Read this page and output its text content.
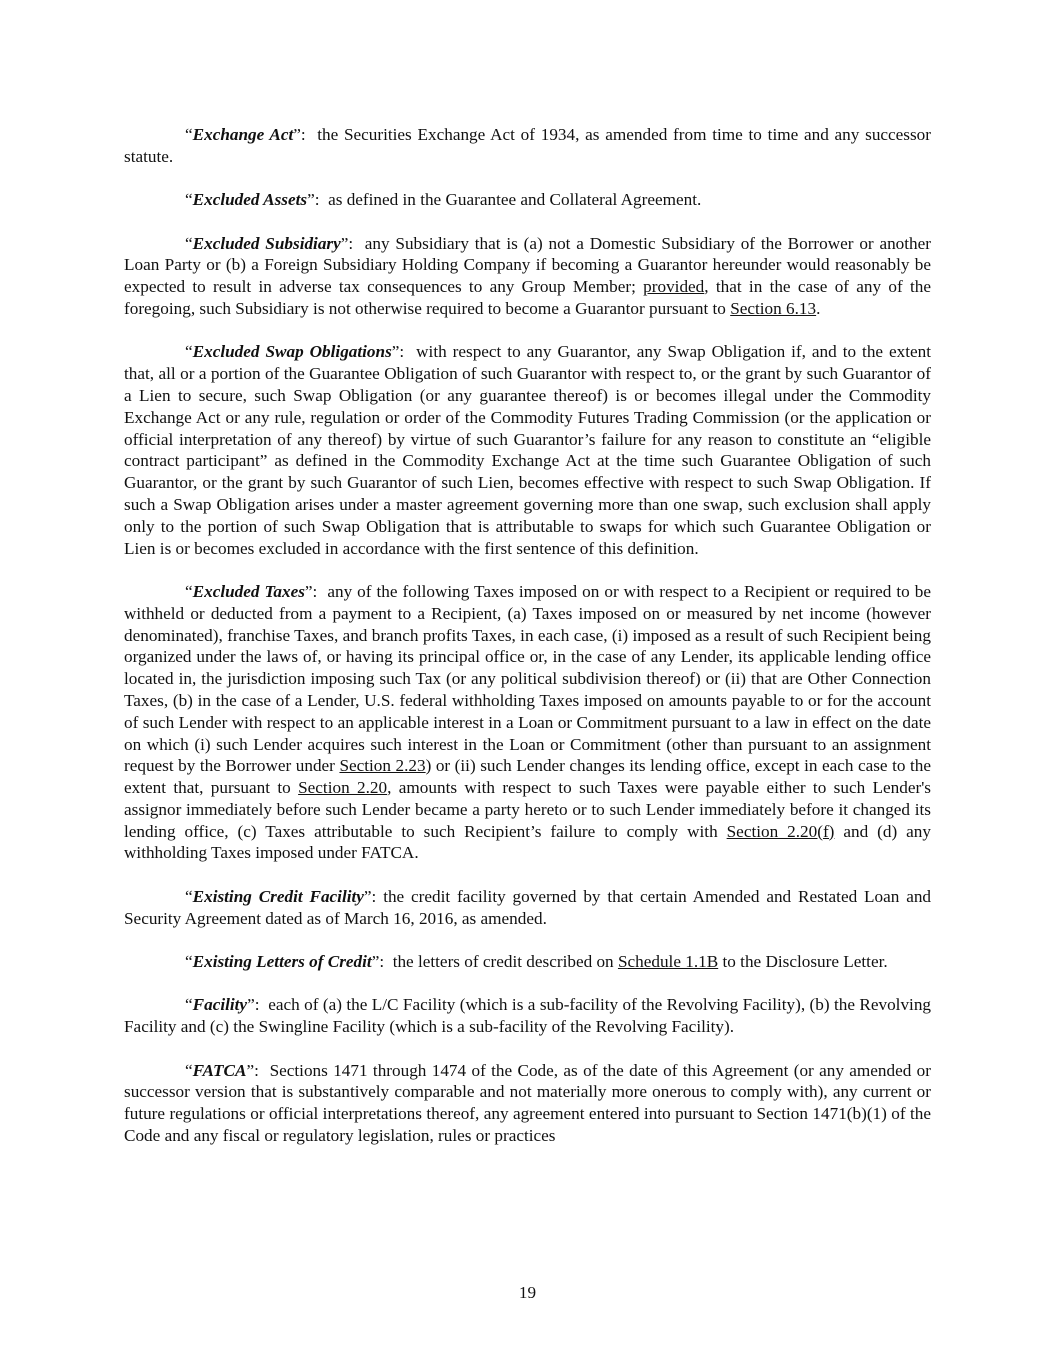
“Exchange Act”:  the Securities Exchange Act of 1934, as amended from time to time and any successor statute.

“Excluded Assets”:  as defined in the Guarantee and Collateral Agreement.

“Excluded Subsidiary”:  any Subsidiary that is (a) not a Domestic Subsidiary of the Borrower or another Loan Party or (b) a Foreign Subsidiary Holding Company if becoming a Guarantor hereunder would reasonably be expected to result in adverse tax consequences to any Group Member; provided, that in the case of any of the foregoing, such Subsidiary is not otherwise required to become a Guarantor pursuant to Section 6.13.

“Excluded Swap Obligations”:  with respect to any Guarantor, any Swap Obligation if, and to the extent that, all or a portion of the Guarantee Obligation of such Guarantor with respect to, or the grant by such Guarantor of a Lien to secure, such Swap Obligation (or any guarantee thereof) is or becomes illegal under the Commodity Exchange Act or any rule, regulation or order of the Commodity Futures Trading Commission (or the application or official interpretation of any thereof) by virtue of such Guarantor’s failure for any reason to constitute an “eligible contract participant” as defined in the Commodity Exchange Act at the time such Guarantee Obligation of such Guarantor, or the grant by such Guarantor of such Lien, becomes effective with respect to such Swap Obligation. If such a Swap Obligation arises under a master agreement governing more than one swap, such exclusion shall apply only to the portion of such Swap Obligation that is attributable to swaps for which such Guarantee Obligation or Lien is or becomes excluded in accordance with the first sentence of this definition.

“Excluded Taxes”:  any of the following Taxes imposed on or with respect to a Recipient or required to be withheld or deducted from a payment to a Recipient, (a) Taxes imposed on or measured by net income (however denominated), franchise Taxes, and branch profits Taxes, in each case, (i) imposed as a result of such Recipient being organized under the laws of, or having its principal office or, in the case of any Lender, its applicable lending office located in, the jurisdiction imposing such Tax (or any political subdivision thereof) or (ii) that are Other Connection Taxes, (b) in the case of a Lender, U.S. federal withholding Taxes imposed on amounts payable to or for the account of such Lender with respect to an applicable interest in a Loan or Commitment pursuant to a law in effect on the date on which (i) such Lender acquires such interest in the Loan or Commitment (other than pursuant to an assignment request by the Borrower under Section 2.23) or (ii) such Lender changes its lending office, except in each case to the extent that, pursuant to Section 2.20, amounts with respect to such Taxes were payable either to such Lender's assignor immediately before such Lender became a party hereto or to such Lender immediately before it changed its lending office, (c) Taxes attributable to such Recipient’s failure to comply with Section 2.20(f) and (d) any withholding Taxes imposed under FATCA.

“Existing Credit Facility”: the credit facility governed by that certain Amended and Restated Loan and Security Agreement dated as of March 16, 2016, as amended.

“Existing Letters of Credit”:  the letters of credit described on Schedule 1.1B to the Disclosure Letter.

“Facility”:  each of (a) the L/C Facility (which is a sub-facility of the Revolving Facility), (b) the Revolving Facility and (c) the Swingline Facility (which is a sub-facility of the Revolving Facility).

“FATCA”:  Sections 1471 through 1474 of the Code, as of the date of this Agreement (or any amended or successor version that is substantively comparable and not materially more onerous to comply with), any current or future regulations or official interpretations thereof, any agreement entered into pursuant to Section 1471(b)(1) of the Code and any fiscal or regulatory legislation, rules or practices

19
